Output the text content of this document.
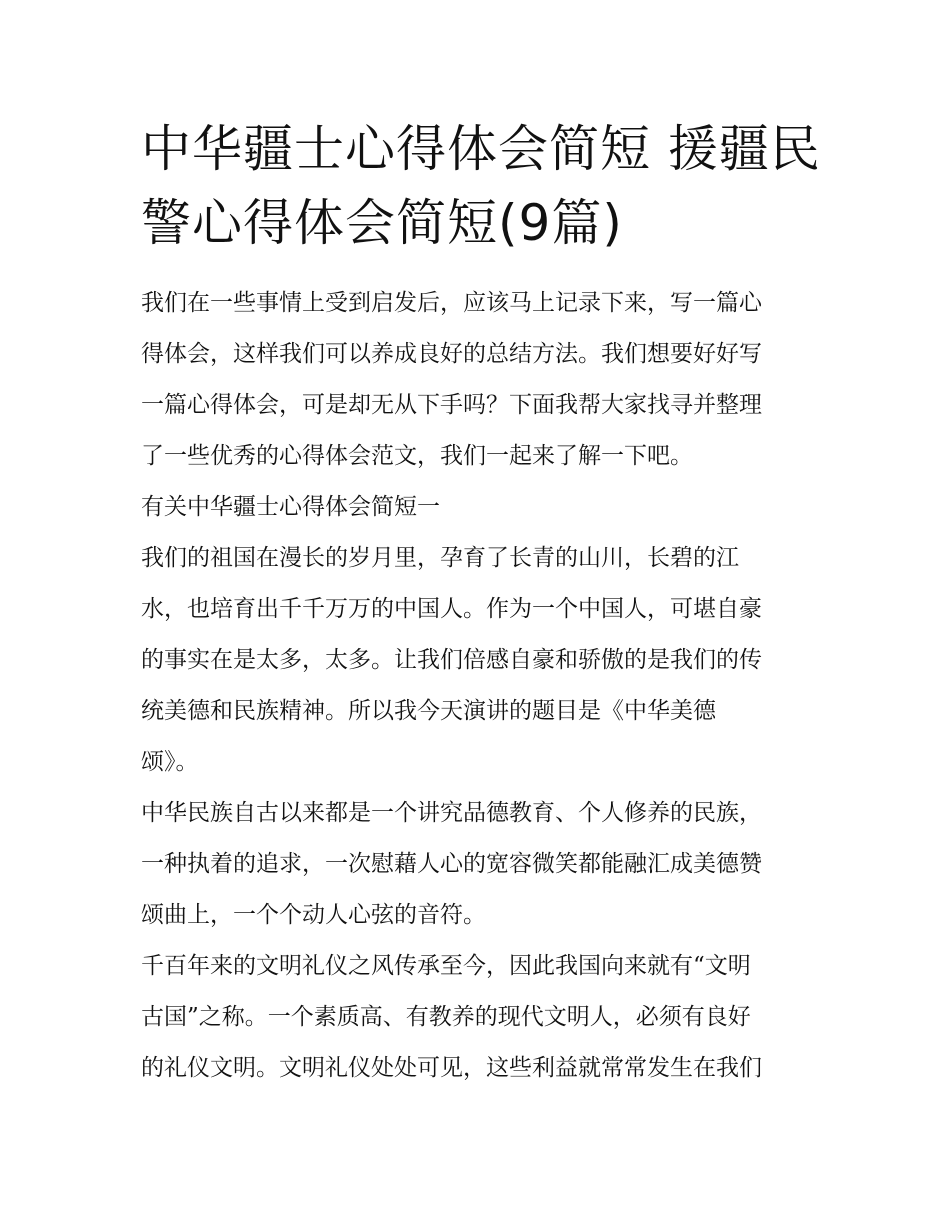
中华疆士心得体会简短 援疆民
警心得体会简短(9篇)

我们在一些事情上受到启发后，应该马上记录下来，写一篇心
得体会，这样我们可以养成良好的总结方法。我们想要好好写
一篇心得体会，可是却无从下手吗？下面我帮大家找寻并整理
了一些优秀的心得体会范文，我们一起来了解一下吧。

有关中华疆士心得体会简短一

我们的祖国在漫长的岁月里，孕育了长青的山川，长碧的江
水，也培育出千千万万的中国人。作为一个中国人，可堪自豪
的事实在是太多，太多。让我们倍感自豪和骄傲的是我们的传
统美德和民族精神。所以我今天演讲的题目是《中华美德
颂》。

中华民族自古以来都是一个讲究品德教育、个人修养的民族，
一种执着的追求，一次慰藉人心的宽容微笑都能融汇成美德赞
颂曲上，一个个动人心弦的音符。

千百年来的文明礼仪之风传承至今，因此我国向来就有“文明
古国”之称。一个素质高、有教养的现代文明人，必须有良好
的礼仪文明。文明礼仪处处可见，这些利益就常常发生在我们
